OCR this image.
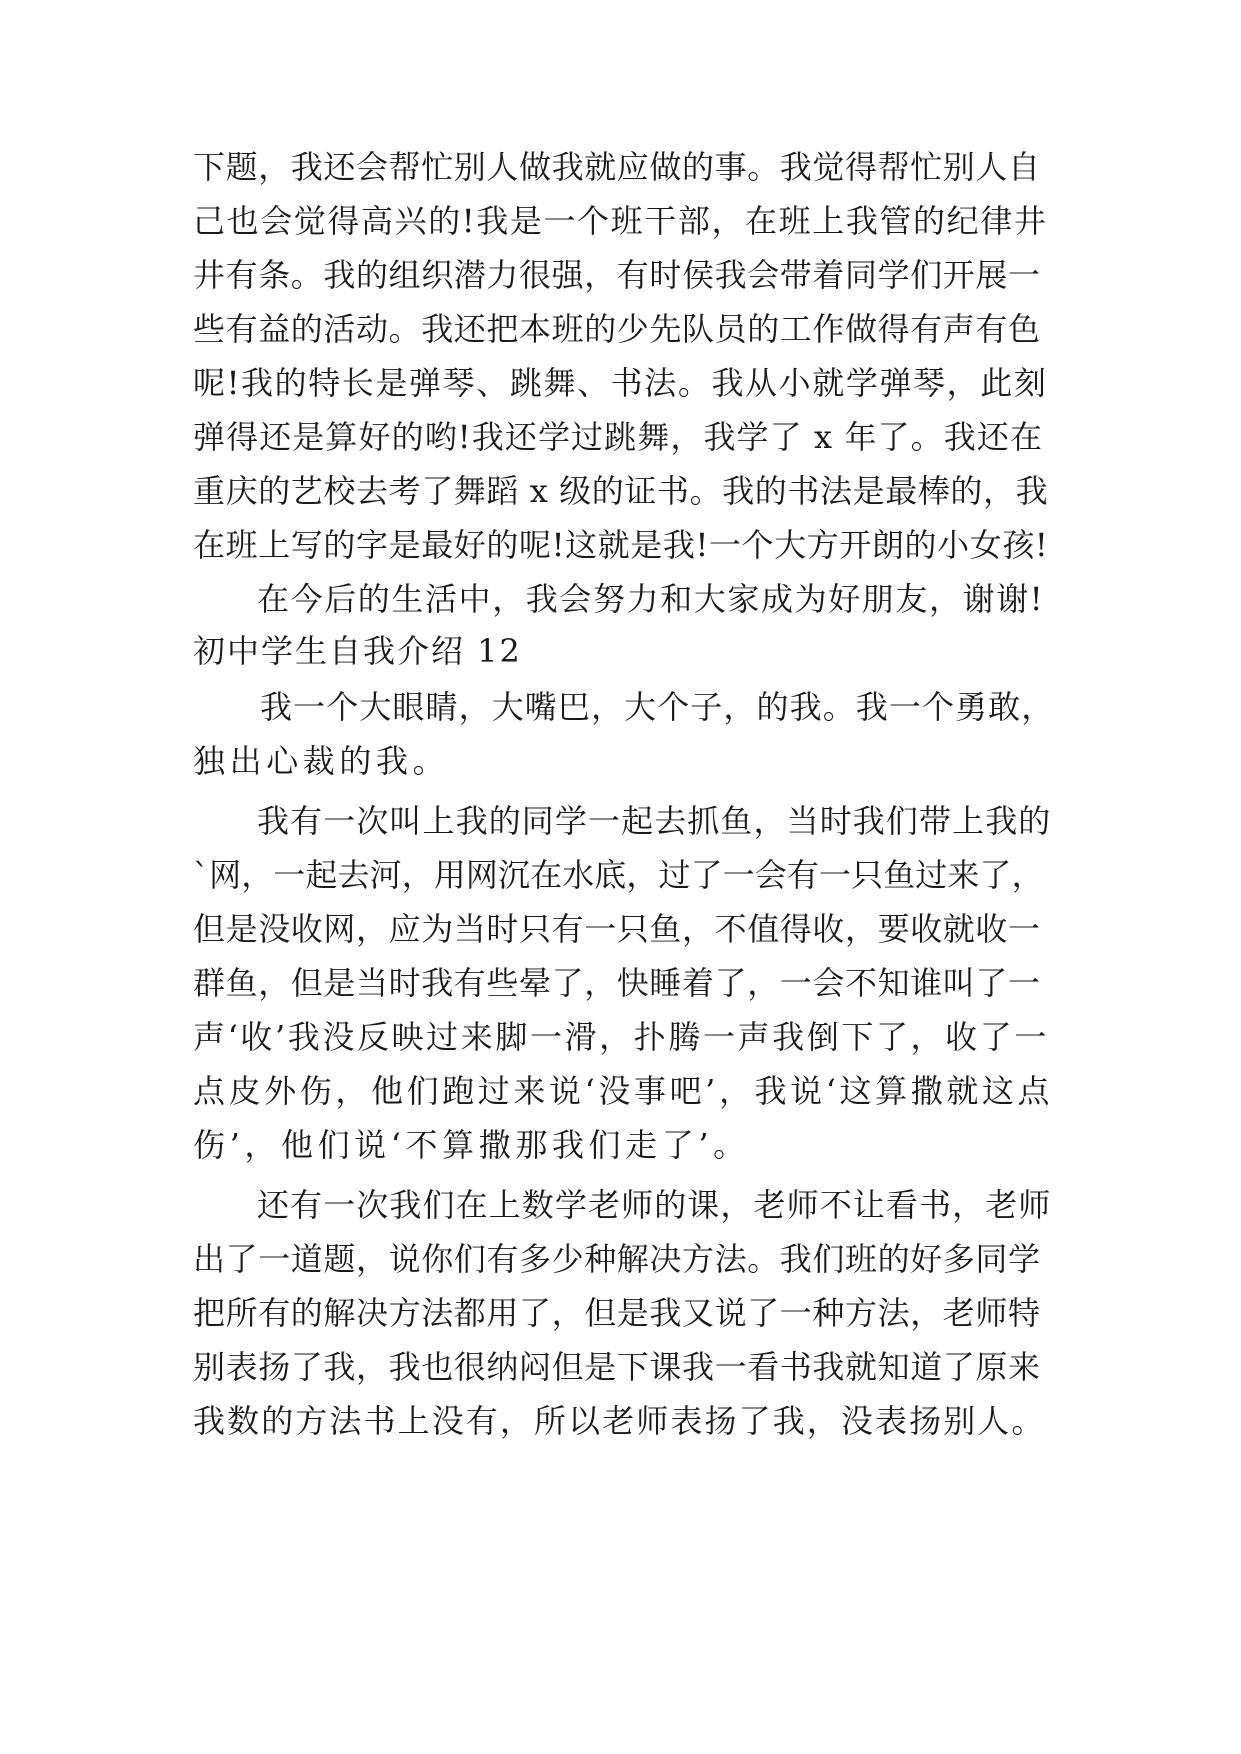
下题，我还会帮忙别人做我就应做的事。我觉得帮忙别人自
己也会觉得高兴的!我是一个班干部，在班上我管的纪律井
井有条。我的组织潜力很强，有时侯我会带着同学们开展一
些有益的活动。我还把本班的少先队员的工作做得有声有色
呢!我的特长是弹琴、跳舞、书法。我从小就学弹琴，此刻
弹得还是算好的哟!我还学过跳舞，我学了 x 年了。我还在
重庆的艺校去考了舞蹈 x 级的证书。我的书法是最棒的，我
在班上写的字是最好的呢!这就是我!一个大方开朗的小女孩!
在今后的生活中，我会努力和大家成为好朋友，谢谢!
初中学生自我介绍 12
我一个大眼睛，大嘴巴，大个子，的我。我一个勇敢，
独出心裁的我。
我有一次叫上我的同学一起去抓鱼，当时我们带上我的
`网，一起去河，用网沉在水底，过了一会有一只鱼过来了，
但是没收网，应为当时只有一只鱼，不值得收，要收就收一
群鱼，但是当时我有些晕了，快睡着了，一会不知谁叫了一
声‘收’我没反映过来脚一滑，扑腾一声我倒下了，收了一
点皮外伤，他们跑过来说‘没事吧’，我说‘这算撒就这点
伤’，他们说‘不算撒那我们走了’。
还有一次我们在上数学老师的课，老师不让看书，老师
出了一道题，说你们有多少种解决方法。我们班的好多同学
把所有的解决方法都用了，但是我又说了一种方法，老师特
别表扬了我，我也很纳闷但是下课我一看书我就知道了原来
我数的方法书上没有，所以老师表扬了我，没表扬别人。
